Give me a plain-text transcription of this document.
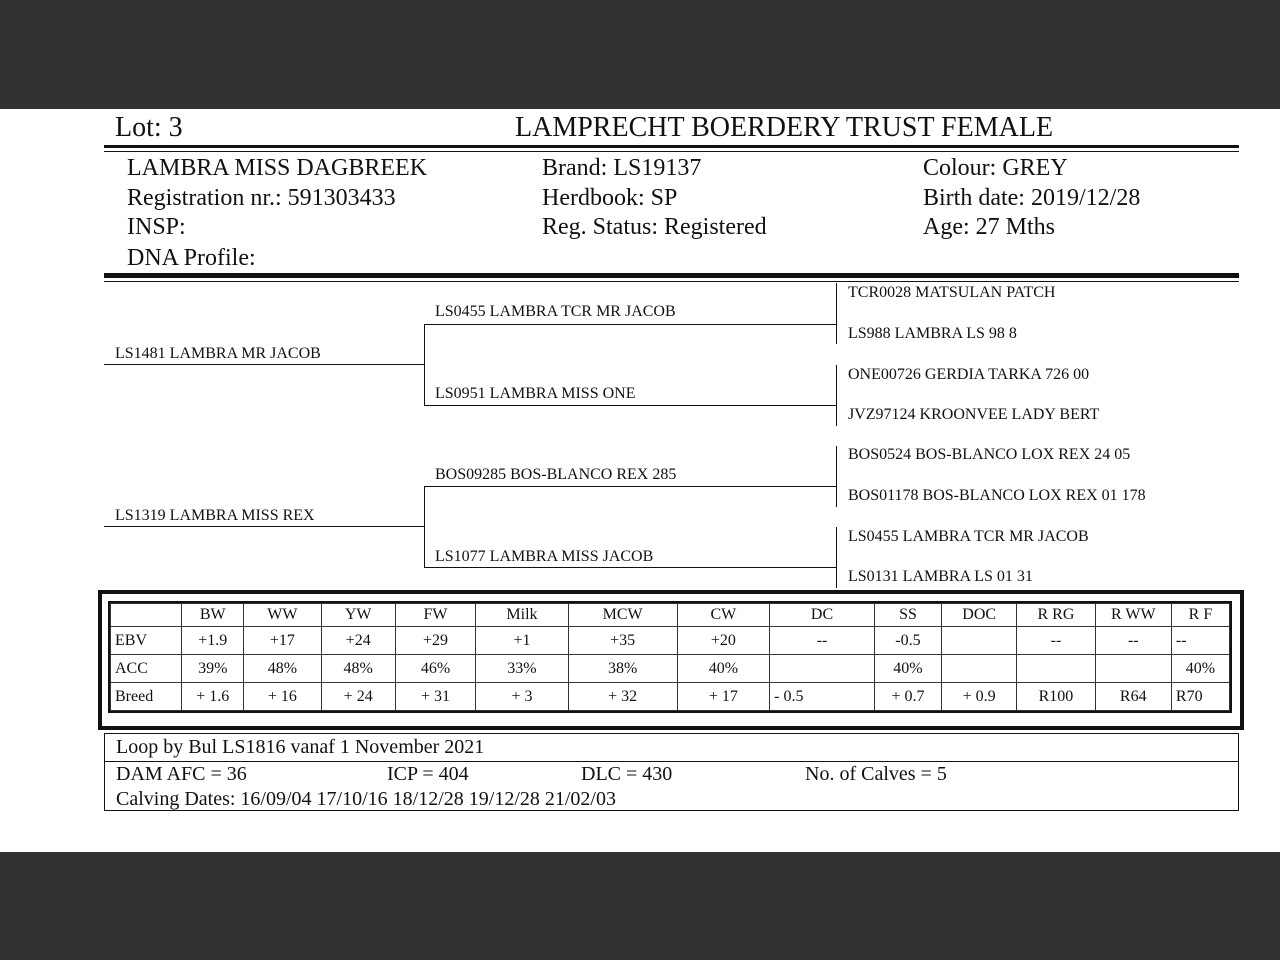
Lot: 3	LAMPRECHT BOERDERY TRUST FEMALE
LAMBRA MISS DAGBREEK
Registration nr.: 591303433
INSP:
DNA Profile:
Brand: LS19137
Herdbook: SP
Reg. Status: Registered
Colour: GREY
Birth date: 2019/12/28
Age: 27 Mths
LS1481 LAMBRA MR JACOB
LS1319 LAMBRA MISS REX
LS0455 LAMBRA TCR MR JACOB
LS0951 LAMBRA MISS ONE
BOS09285 BOS-BLANCO REX 285
LS1077 LAMBRA MISS JACOB
TCR0028 MATSULAN PATCH
LS988 LAMBRA LS 98 8
ONE00726 GERDIA TARKA 726 00
JVZ97124 KROONVEE LADY BERT
BOS0524 BOS-BLANCO LOX REX 24 05
BOS01178 BOS-BLANCO LOX REX 01 178
LS0455 LAMBRA TCR MR JACOB
LS0131 LAMBRA LS 01 31
	BW	WW	YW	FW	Milk	MCW	CW	DC	SS	DOC	R RG	R WW	R F
EBV	+1.9	+17	+24	+29	+1	+35	+20	--	-0.5		--	--	--
ACC	39%	48%	48%	46%	33%	38%	40%		40%				40%
Breed	+ 1.6	+ 16	+ 24	+ 31	+ 3	+ 32	+ 17	- 0.5	+ 0.7	+ 0.9	R100	R64	R70
Loop by Bul LS1816 vanaf 1 November 2021
DAM AFC = 36	ICP = 404	DLC = 430	No. of Calves = 5
Calving Dates: 16/09/04 17/10/16 18/12/28 19/12/28 21/02/03
